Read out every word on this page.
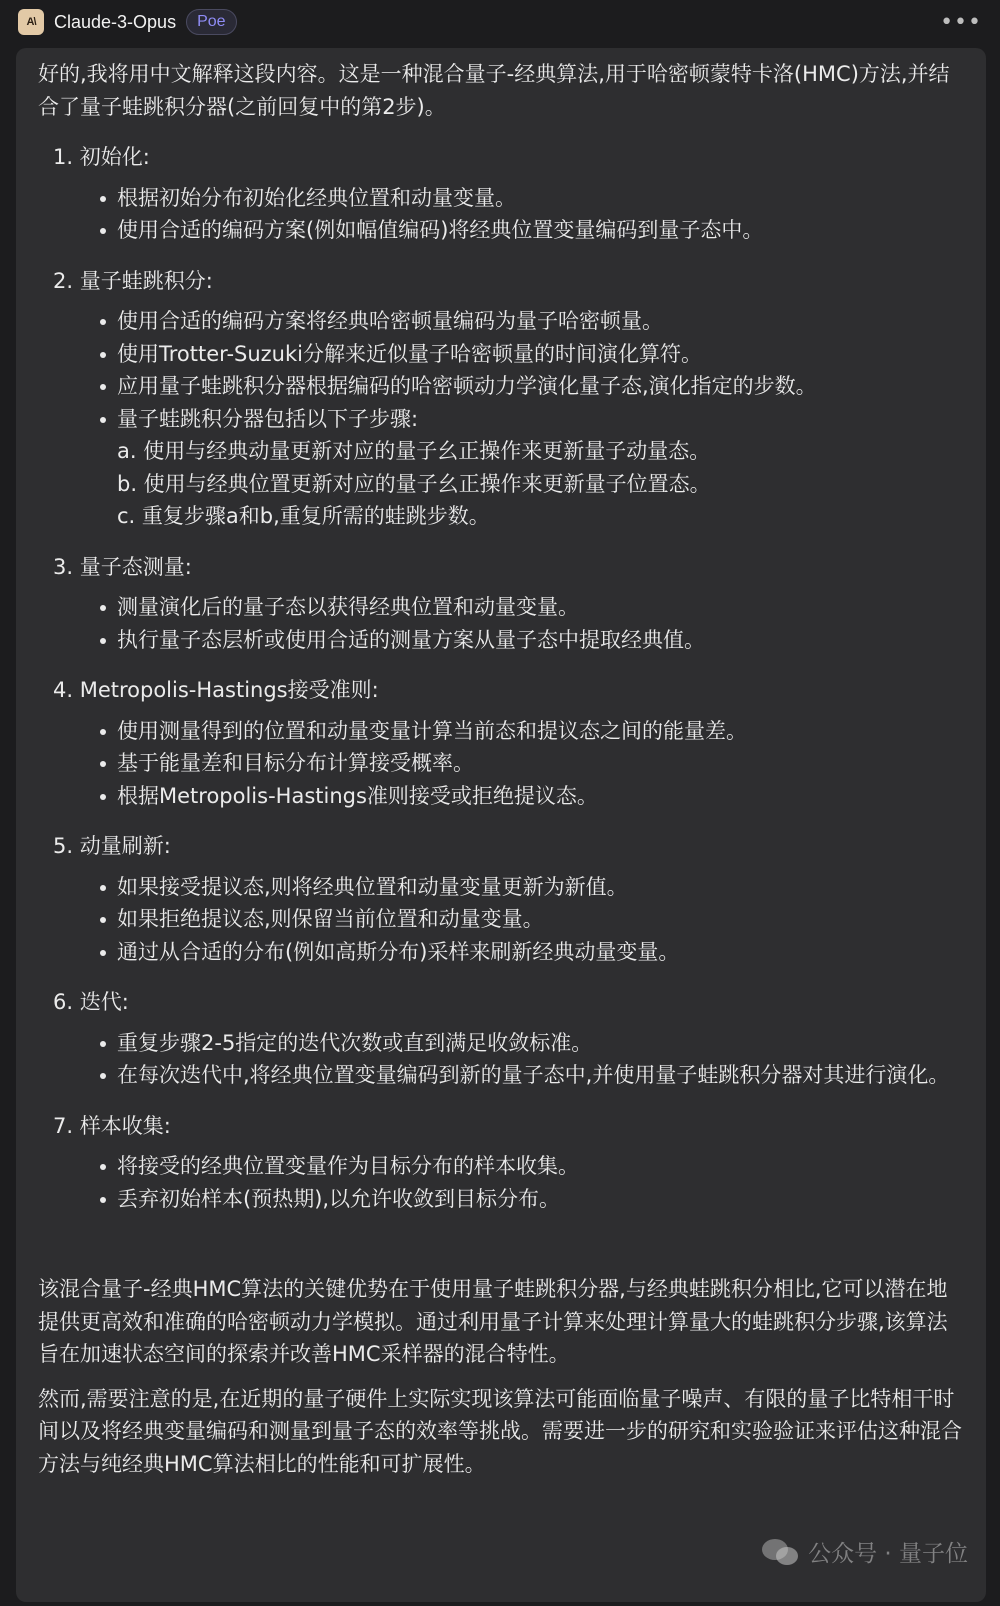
A\	Claude-3-Opus	Poe	•••

好的,我将用中文解释这段内容。这是一种混合量子-经典算法,用于哈密顿蒙特卡洛(HMC)方法,并结合了量子蛙跳积分器(之前回复中的第2步)。

1. 初始化:
根据初始分布初始化经典位置和动量变量。
使用合适的编码方案(例如幅值编码)将经典位置变量编码到量子态中。
2. 量子蛙跳积分:
使用合适的编码方案将经典哈密顿量编码为量子哈密顿量。
使用Trotter-Suzuki分解来近似量子哈密顿量的时间演化算符。
应用量子蛙跳积分器根据编码的哈密顿动力学演化量子态,演化指定的步数。
量子蛙跳积分器包括以下子步骤:
a. 使用与经典动量更新对应的量子幺正操作来更新量子动量态。
b. 使用与经典位置更新对应的量子幺正操作来更新量子位置态。
c. 重复步骤a和b,重复所需的蛙跳步数。
3. 量子态测量:
测量演化后的量子态以获得经典位置和动量变量。
执行量子态层析或使用合适的测量方案从量子态中提取经典值。
4. Metropolis-Hastings接受准则:
使用测量得到的位置和动量变量计算当前态和提议态之间的能量差。
基于能量差和目标分布计算接受概率。
根据Metropolis-Hastings准则接受或拒绝提议态。
5. 动量刷新:
如果接受提议态,则将经典位置和动量变量更新为新值。
如果拒绝提议态,则保留当前位置和动量变量。
通过从合适的分布(例如高斯分布)采样来刷新经典动量变量。
6. 迭代:
重复步骤2-5指定的迭代次数或直到满足收敛标准。
在每次迭代中,将经典位置变量编码到新的量子态中,并使用量子蛙跳积分器对其进行演化。
7. 样本收集:
将接受的经典位置变量作为目标分布的样本收集。
丢弃初始样本(预热期),以允许收敛到目标分布。

该混合量子-经典HMC算法的关键优势在于使用量子蛙跳积分器,与经典蛙跳积分相比,它可以潜在地提供更高效和准确的哈密顿动力学模拟。通过利用量子计算来处理计算量大的蛙跳积分步骤,该算法旨在加速状态空间的探索并改善HMC采样器的混合特性。

然而,需要注意的是,在近期的量子硬件上实际实现该算法可能面临量子噪声、有限的量子比特相干时间以及将经典变量编码和测量到量子态的效率等挑战。需要进一步的研究和实验验证来评估这种混合方法与纯经典HMC算法相比的性能和可扩展性。

公众号 · 量子位
